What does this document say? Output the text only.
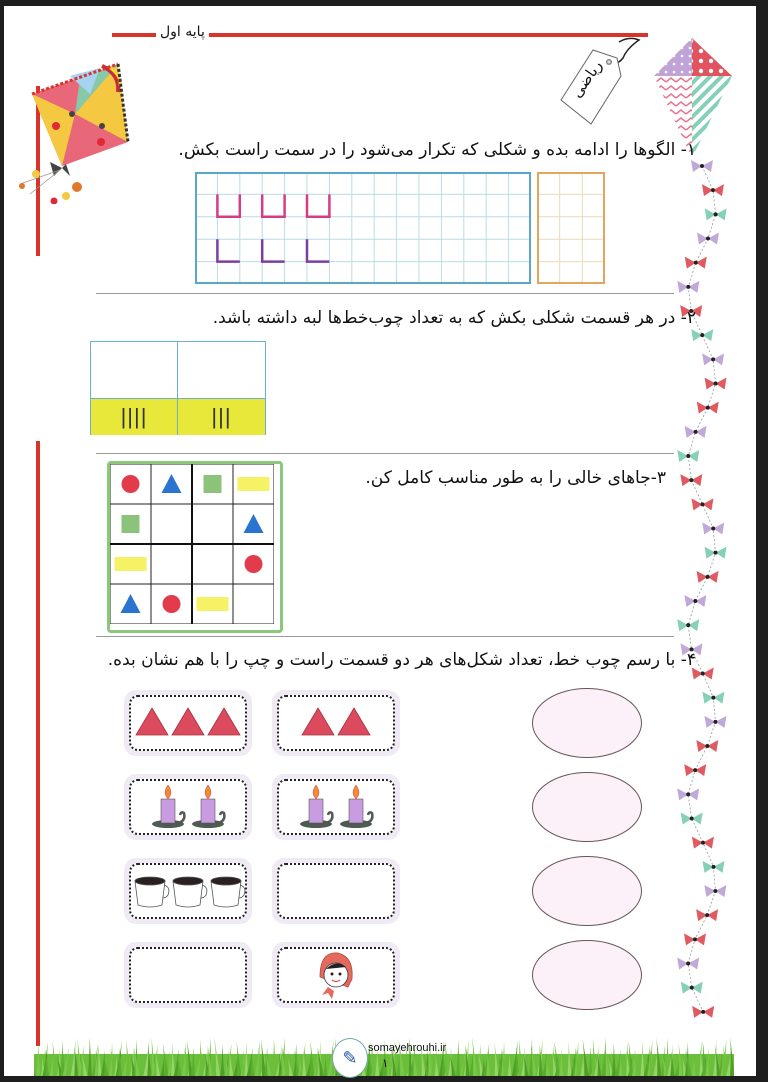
پایه اول
ریاضی
۱- الگوها را ادامه بده و شکلی که تکرار می‌شود را در سمت راست بکش.
۲- در هر قسمت شکلی بکش که به تعداد چوب‌خط‌ها لبه داشته باشد.
||||	|||
۳-جاهای خالی را به طور مناسب کامل کن.
۴- با رسم چوب خط، تعداد شکل‌های هر دو قسمت راست و چپ را با هم نشان بده.
✎ somayehrouhi.ir
۱
